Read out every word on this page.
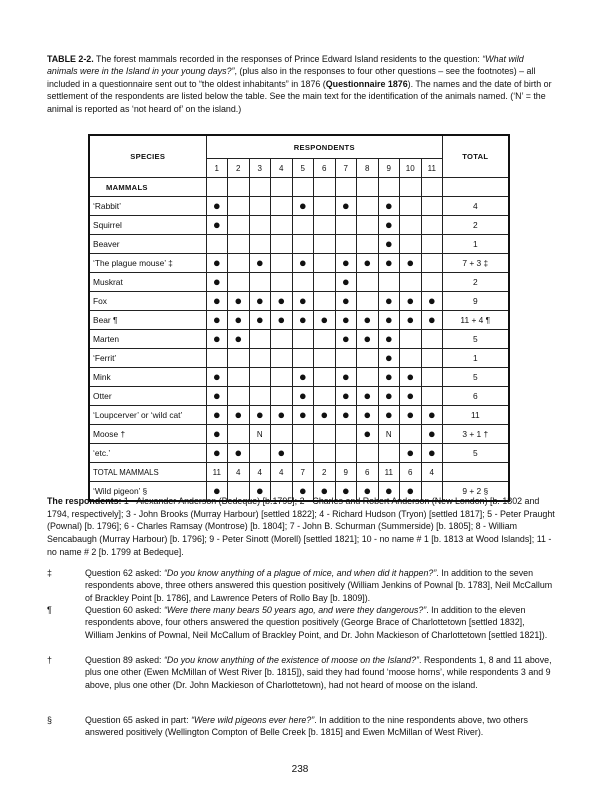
TABLE 2-2. The forest mammals recorded in the responses of Prince Edward Island residents to the question: “What wild animals were in the Island in your young days?”, (plus also in the responses to four other questions – see the footnotes) – all included in a questionnaire sent out to “the oldest inhabitants” in 1876 (Questionnaire 1876). The names and the date of birth or settlement of the respondents are listed below the table. See the main text for the identification of the animals named. (‘N’ = the animal is reported as ‘not heard of’ on the island.)
SPECIES	RESPONDENTS											TOTAL
	1	2	3	4	5	6	7	8	9	10	11	
MAMMALS												
‘Rabbit’	●				●		●		●			4
Squirrel	●								●			2
Beaver									●			1
‘The plague mouse’ ‡	●		●		●		●	●	●	●		7 + 3 ‡
Muskrat	●						●					2
Fox	●	●	●	●	●		●		●	●	●	9
Bear ¶	●	●	●	●	●	●	●	●	●	●	●	11 + 4 ¶
Marten	●	●					●	●	●			5
‘Ferrit’									●			1
Mink	●				●		●		●	●		5
Otter	●				●		●	●	●	●		6
‘Loupcerver’ or ‘wild cat’	●	●	●	●	●	●	●	●	●	●	●	11
Moose †	●		N					●	N		●	3 + 1 †
‘etc.’	●	●		●						●	●	5
TOTAL MAMMALS	11	4	4	4	7	2	9	6	11	6	4	
‘Wild pigeon’ §	●		●		●	●	●	●	●	●		9 + 2 §
The respondents: 1 - Alexander Anderson (Bedeque) [b.1795]; 2 - Charles and Robert Anderson (New London) [b. 1802 and 1794, respectively]; 3 - John Brooks (Murray Harbour) [settled 1822]; 4 - Richard Hudson (Tryon) [settled 1817]; 5 - Peter Praught (Pownal) [b. 1796]; 6 - Charles Ramsay (Montrose) [b. 1804]; 7 - John B. Schurman (Summerside) [b. 1805]; 8 - William Sencabaugh (Murray Harbour) [b. 1796]; 9 - Peter Sinott (Morell) [settled 1821]; 10 - no name # 1 [b. 1813 at Wood Islands]; 11 - no name # 2 [b. 1799 at Bedeque].
‡	Question 62 asked: “Do you know anything of a plague of mice, and when did it happen?”. In addition to the seven respondents above, three others answered this question positively (William Jenkins of Pownal [b. 1783], Neil McCallum of Brackley Point [b. 1786], and Lawrence Peters of Rollo Bay [b. 1809]).
¶	Question 60 asked: “Were there many bears 50 years ago, and were they dangerous?”. In addition to the eleven respondents above, four others answered the question positively (George Brace of Charlottetown [settled 1832], William Jenkins of Pownal, Neil McCallum of Brackley Point, and Dr. John Mackieson of Charlottetown [settled 1821]).
†	Question 89 asked: “Do you know anything of the existence of moose on the Island?”. Respondents 1, 8 and 11 above, plus one other (Ewen McMillan of West River [b. 1815]), said they had found ‘moose horns’, while respondents 3 and 9 above, plus one other (Dr. John Mackieson of Charlottetown), had not heard of moose on the island.
§	Question 65 asked in part: “Were wild pigeons ever here?”. In addition to the nine respondents above, two others answered positively (Wellington Compton of Belle Creek [b. 1815] and Ewen McMillan of West River).
238
